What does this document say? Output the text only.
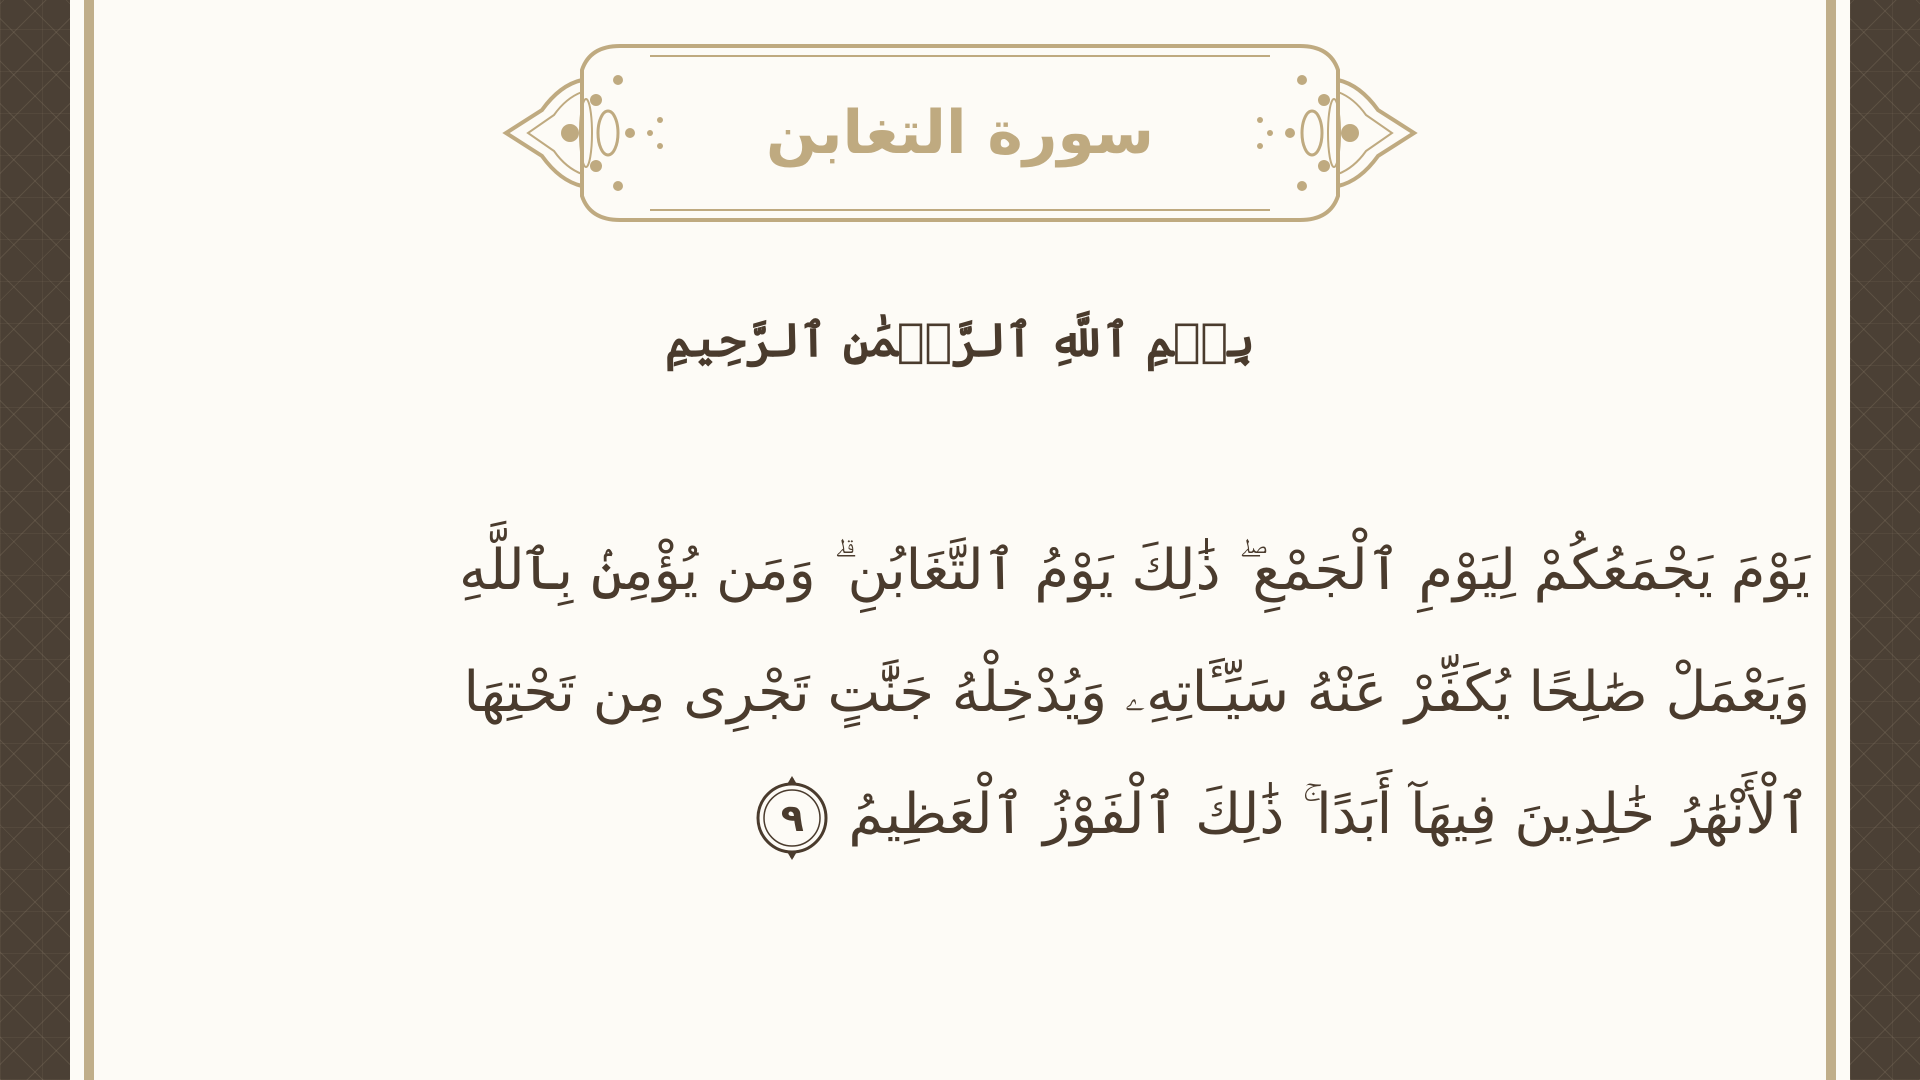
سورة التغابن
بِسۡمِ ٱللَّهِ ٱلرَّحۡمَٰنِ ٱلرَّحِيمِ
يَوْمَ يَجْمَعُكُمْ لِيَوْمِ ٱلْجَمْعِ ۖ ذَٰلِكَ يَوْمُ ٱلتَّغَابُنِ ۗ وَمَن يُؤْمِنۢ بِٱللَّهِ
وَيَعْمَلْ صَٰلِحًا يُكَفِّرْ عَنْهُ سَيِّـَٔاتِهِۦ وَيُدْخِلْهُ جَنَّٰتٍ تَجْرِى مِن تَحْتِهَا
ٱلْأَنْهَٰرُ خَٰلِدِينَ فِيهَآ أَبَدًا ۚ ذَٰلِكَ ٱلْفَوْزُ ٱلْعَظِيمُ
٩
